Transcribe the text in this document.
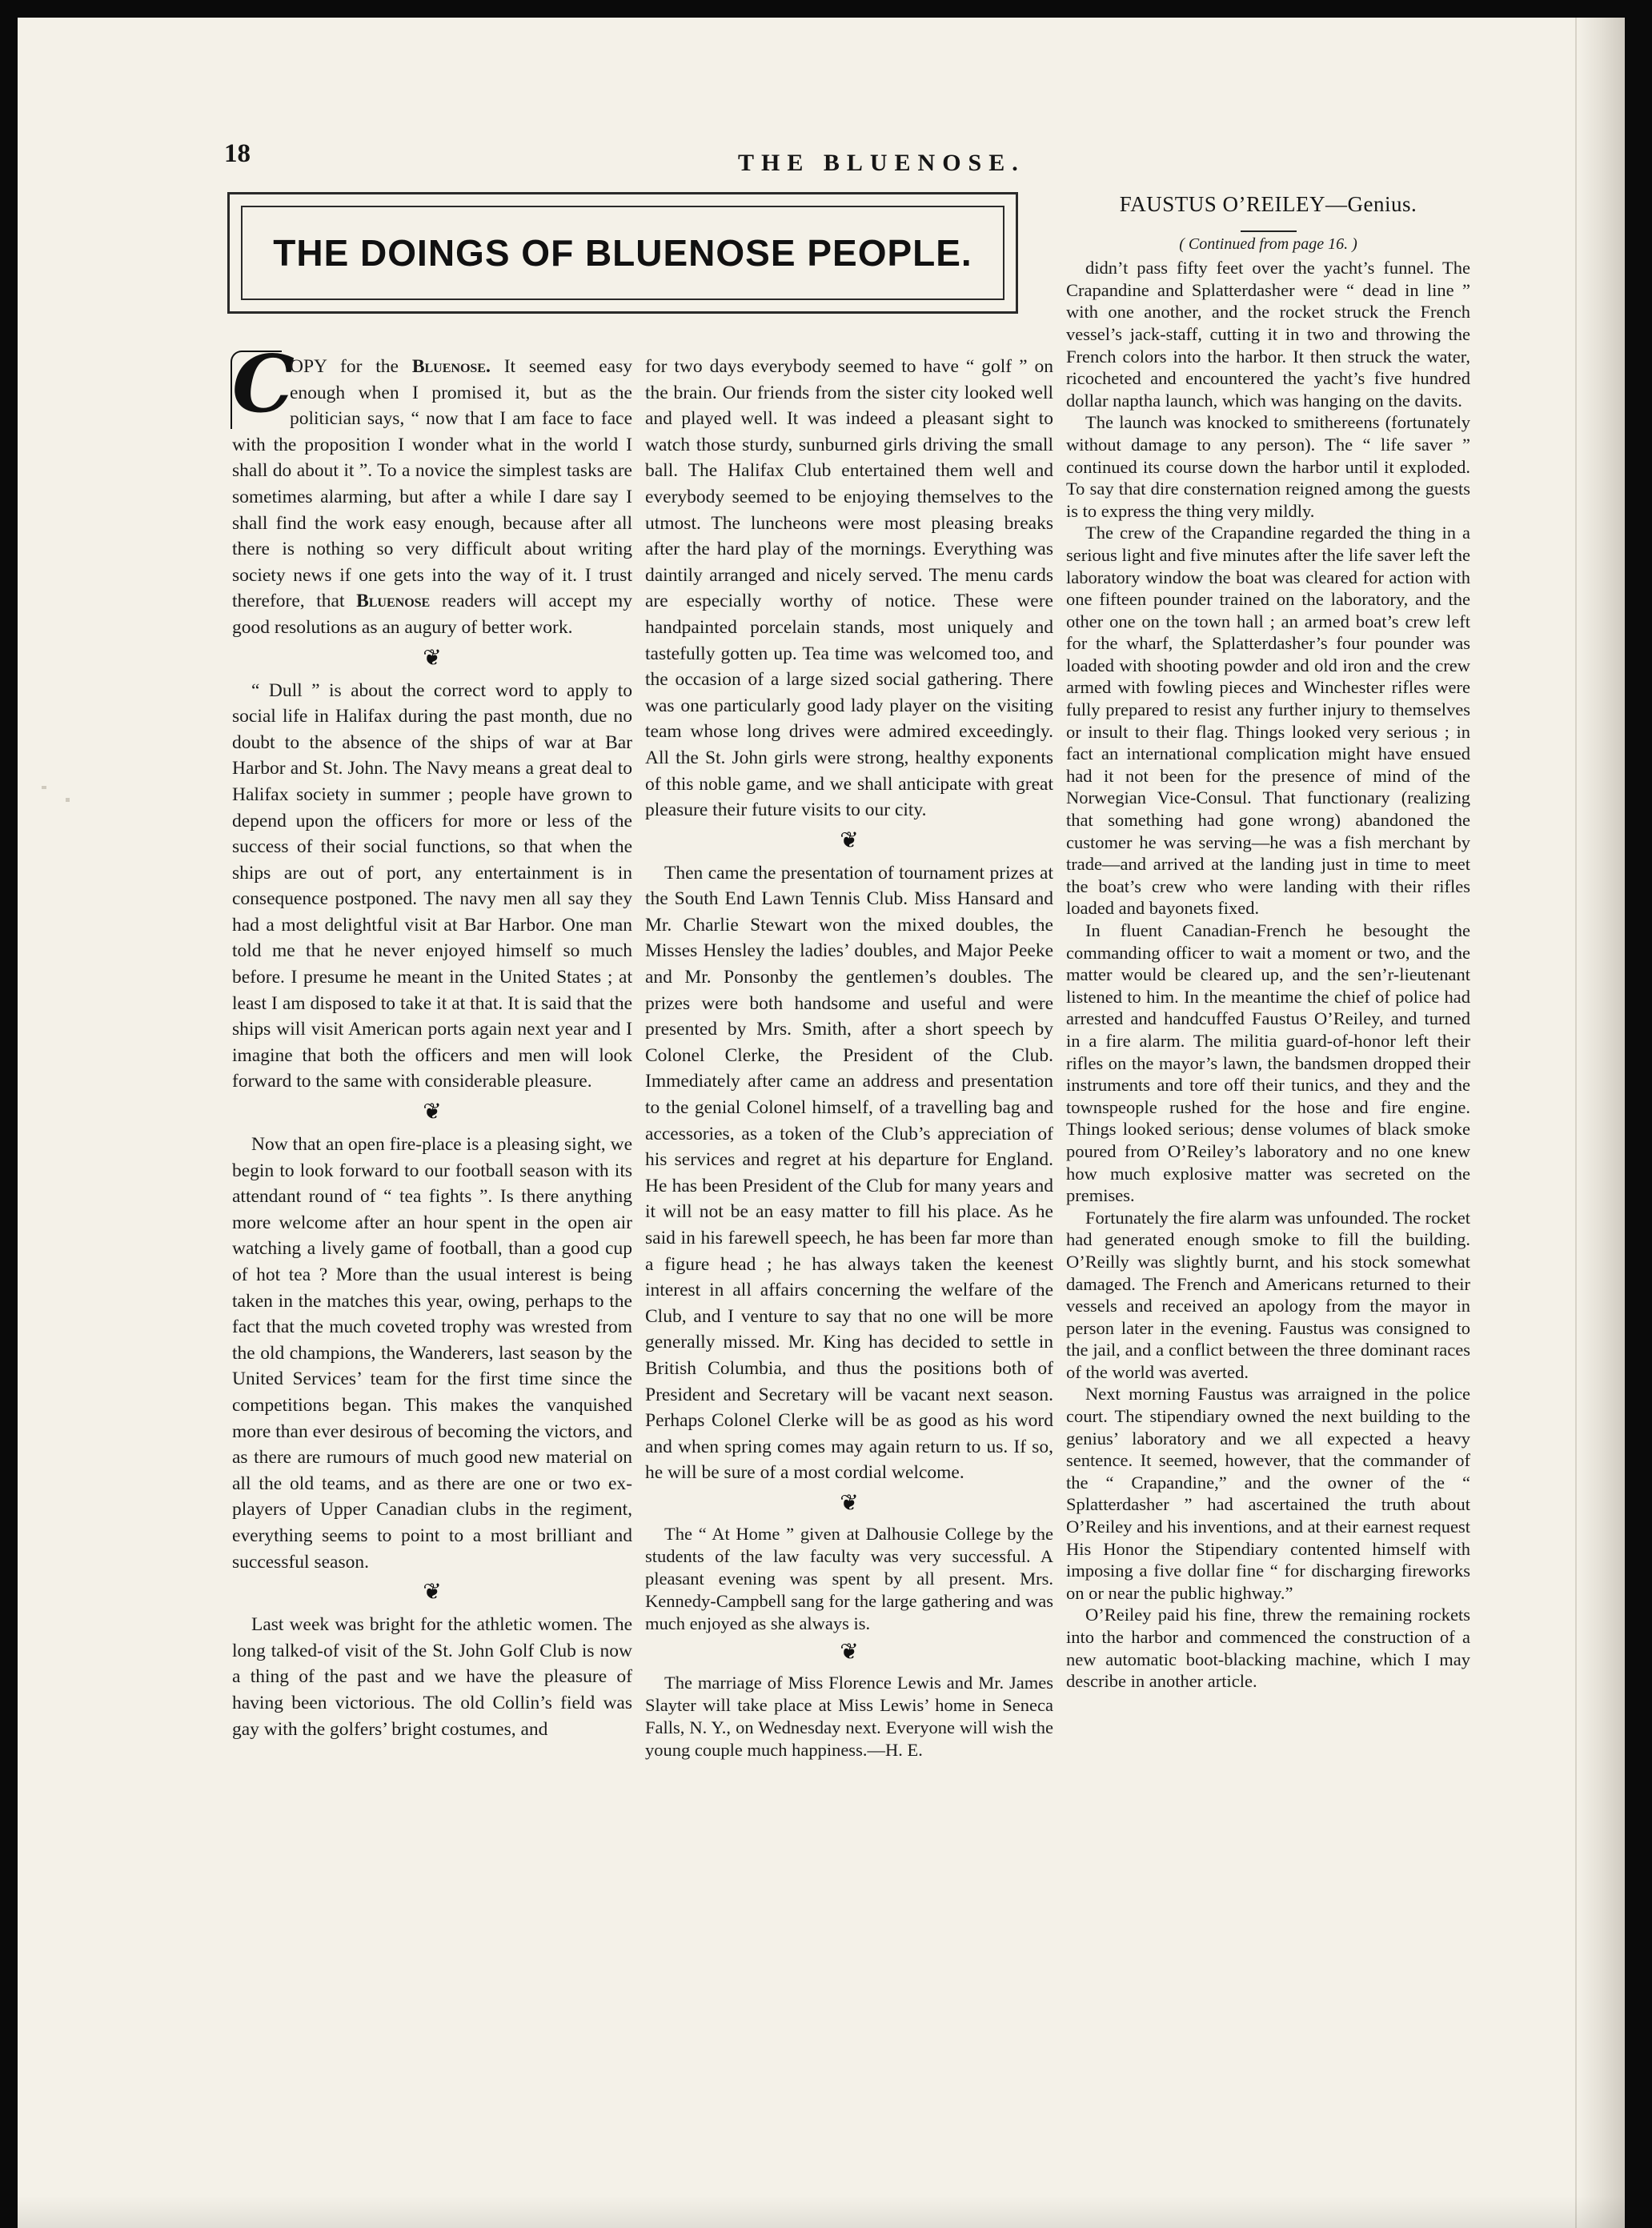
18	THE BLUENOSE.
THE DOINGS OF BLUENOSE PEOPLE.

C
OPY for the Bluenose. It seemed easy enough when I promised it, but as the politician says, “ now that I am face to face with the proposition I wonder what in the world I shall do about it ”. To a novice the simplest tasks are sometimes alarming, but after a while I dare say I shall find the work easy enough, because after all there is nothing so very difficult about writing society news if one gets into the way of it. I trust therefore, that Bluenose readers will accept my good resolutions as an augury of better work.

❦

“ Dull ” is about the correct word to apply to social life in Halifax during the past month, due no doubt to the absence of the ships of war at Bar Harbor and St. John. The Navy means a great deal to Halifax society in summer ; people have grown to depend upon the officers for more or less of the success of their social functions, so that when the ships are out of port, any entertainment is in consequence postponed. The navy men all say they had a most delightful visit at Bar Harbor. One man told me that he never enjoyed himself so much before. I presume he meant in the United States ; at least I am disposed to take it at that. It is said that the ships will visit American ports again next year and I imagine that both the officers and men will look forward to the same with considerable pleasure.

❦

Now that an open fire-place is a pleasing sight, we begin to look forward to our football season with its attendant round of “ tea fights ”. Is there anything more welcome after an hour spent in the open air watching a lively game of football, than a good cup of hot tea ? More than the usual interest is being taken in the matches this year, owing, perhaps to the fact that the much coveted trophy was wrested from the old champions, the Wanderers, last season by the United Services’ team for the first time since the competitions began. This makes the vanquished more than ever desirous of becoming the victors, and as there are rumours of much good new material on all the old teams, and as there are one or two ex-players of Upper Canadian clubs in the regiment, everything seems to point to a most brilliant and successful season.

❦

Last week was bright for the athletic women. The long talked-of visit of the St. John Golf Club is now a thing of the past and we have the pleasure of having been victorious. The old Collin’s field was gay with the golfers’ bright costumes, and

for two days everybody seemed to have “ golf ” on the brain. Our friends from the sister city looked well and played well. It was indeed a pleasant sight to watch those sturdy, sunburned girls driving the small ball. The Halifax Club entertained them well and everybody seemed to be enjoying themselves to the utmost. The luncheons were most pleasing breaks after the hard play of the mornings. Everything was daintily arranged and nicely served. The menu cards are especially worthy of notice. These were handpainted porcelain stands, most uniquely and tastefully gotten up. Tea time was welcomed too, and the occasion of a large sized social gathering. There was one particularly good lady player on the visiting team whose long drives were admired exceedingly. All the St. John girls were strong, healthy exponents of this noble game, and we shall anticipate with great pleasure their future visits to our city.

❦

Then came the presentation of tournament prizes at the South End Lawn Tennis Club. Miss Hansard and Mr. Charlie Stewart won the mixed doubles, the Misses Hensley the ladies’ doubles, and Major Peeke and Mr. Ponsonby the gentlemen’s doubles. The prizes were both handsome and useful and were presented by Mrs. Smith, after a short speech by Colonel Clerke, the President of the Club. Immediately after came an address and presentation to the genial Colonel himself, of a travelling bag and accessories, as a token of the Club’s appreciation of his services and regret at his departure for England. He has been President of the Club for many years and it will not be an easy matter to fill his place. As he said in his farewell speech, he has been far more than a figure head ; he has always taken the keenest interest in all affairs concerning the welfare of the Club, and I venture to say that no one will be more generally missed. Mr. King has decided to settle in British Columbia, and thus the positions both of President and Secretary will be vacant next season. Perhaps Colonel Clerke will be as good as his word and when spring comes may again return to us. If so, he will be sure of a most cordial welcome.

❦

The “ At Home ” given at Dalhousie College by the students of the law faculty was very successful. A pleasant evening was spent by all present. Mrs. Kennedy-Campbell sang for the large gathering and was much enjoyed as she always is.

❦

The marriage of Miss Florence Lewis and Mr. James Slayter will take place at Miss Lewis’ home in Seneca Falls, N. Y., on Wednesday next. Everyone will wish the young couple much happiness.—H. E.

FAUSTUS O’REILEY—Genius.
( Continued from page 16. )

didn’t pass fifty feet over the yacht’s funnel. The Crapandine and Splatterdasher were “ dead in line ” with one another, and the rocket struck the French vessel’s jack-staff, cutting it in two and throwing the French colors into the harbor. It then struck the water, ricocheted and encountered the yacht’s five hundred dollar naptha launch, which was hanging on the davits.

The launch was knocked to smithereens (fortunately without damage to any person). The “ life saver ” continued its course down the harbor until it exploded. To say that dire consternation reigned among the guests is to express the thing very mildly.

The crew of the Crapandine regarded the thing in a serious light and five minutes after the life saver left the laboratory window the boat was cleared for action with one fifteen pounder trained on the laboratory, and the other one on the town hall ; an armed boat’s crew left for the wharf, the Splatterdasher’s four pounder was loaded with shooting powder and old iron and the crew armed with fowling pieces and Winchester rifles were fully prepared to resist any further injury to themselves or insult to their flag. Things looked very serious ; in fact an international complication might have ensued had it not been for the presence of mind of the Norwegian Vice-Consul. That functionary (realizing that something had gone wrong) abandoned the customer he was serving—he was a fish merchant by trade—and arrived at the landing just in time to meet the boat’s crew who were landing with their rifles loaded and bayonets fixed.

In fluent Canadian-French he besought the commanding officer to wait a moment or two, and the matter would be cleared up, and the sen’r-lieutenant listened to him. In the meantime the chief of police had arrested and handcuffed Faustus O’Reiley, and turned in a fire alarm. The militia guard-of-honor left their rifles on the mayor’s lawn, the bandsmen dropped their instruments and tore off their tunics, and they and the townspeople rushed for the hose and fire engine. Things looked serious; dense volumes of black smoke poured from O’Reiley’s laboratory and no one knew how much explosive matter was secreted on the premises.

Fortunately the fire alarm was unfounded. The rocket had generated enough smoke to fill the building. O’Reilly was slightly burnt, and his stock somewhat damaged. The French and Americans returned to their vessels and received an apology from the mayor in person later in the evening. Faustus was consigned to the jail, and a conflict between the three dominant races of the world was averted.

Next morning Faustus was arraigned in the police court. The stipendiary owned the next building to the genius’ laboratory and we all expected a heavy sentence. It seemed, however, that the commander of the “ Crapandine,” and the owner of the “ Splatterdasher ” had ascertained the truth about O’Reiley and his inventions, and at their earnest request His Honor the Stipendiary contented himself with imposing a five dollar fine “ for discharging fireworks on or near the public highway.”

O’Reiley paid his fine, threw the remaining rockets into the harbor and commenced the construction of a new automatic boot-blacking machine, which I may describe in another article.
